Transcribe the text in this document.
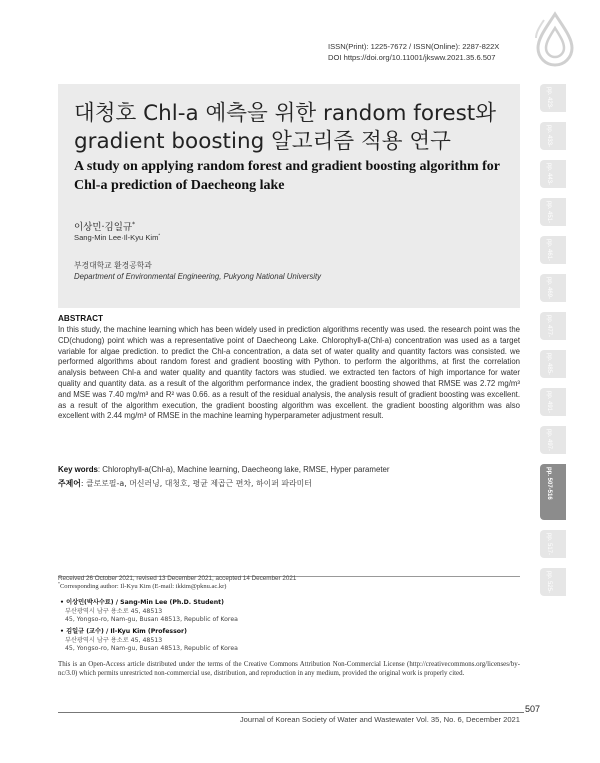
ISSN(Print): 1225-7672 / ISSN(Online): 2287-822X
DOI https://doi.org/10.11001/jksww.2021.35.6.507
대청호 Chl-a 예측을 위한 random forest와
gradient boosting 알고리즘 적용 연구
A study on applying random forest and gradient boosting algorithm for Chl-a prediction of Daecheong lake
이상민·김일규*
Sang-Min Lee·Il-Kyu Kim*
부경대학교 환경공학과
Department of Environmental Engineering, Pukyong National University
ABSTRACT
In this study, the machine learning which has been widely used in prediction algorithms recently was used. the research point was the CD(chudong) point which was a representative point of Daecheong Lake. Chlorophyll-a(Chl-a) concentration was used as a target variable for algae prediction. to predict the Chl-a concentration, a data set of water quality and quantity factors was consisted. we performed algorithms about random forest and gradient boosting with Python. to perform the algorithms, at first the correlation analysis between Chl-a and water quality and quantity factors was studied. we extracted ten factors of high importance for water quality and quantity data. as a result of the algorithm performance index, the gradient boosting showed that RMSE was 2.72 mg/m³ and MSE was 7.40 mg/m³ and R² was 0.66. as a result of the residual analysis, the analysis result of gradient boosting was excellent. as a result of the algorithm execution, the gradient boosting algorithm was excellent. the gradient boosting algorithm was also excellent with 2.44 mg/m³ of RMSE in the machine learning hyperparameter adjustment result.
Key words: Chlorophyll-a(Chl-a), Machine learning, Daecheong lake, RMSE, Hyper parameter
주제어: 클로로필-a, 머신러닝, 대청호, 평균 제곱근 편차, 하이퍼 파라미터
Received 26 October 2021, revised 13 December 2021, accepted 14 December 2021
*Corresponding author: Il-Kyu Kim (E-mail: ikkim@pknu.ac.kr)
• 이상민(박사수료) / Sang-Min Lee (Ph.D. Student)
부산광역시 남구 용소로 45, 48513
45, Yongso-ro, Nam-gu, Busan 48513, Republic of Korea
• 김일규 (교수) / Il-Kyu Kim (Professor)
부산광역시 남구 용소로 45, 48513
45, Yongso-ro, Nam-gu, Busan 48513, Republic of Korea
This is an Open-Access article distributed under the terms of the Creative Commons Attribution Non-Commercial License (http://creativecommons.org/licenses/by-nc/3.0) which permits unrestricted non-commercial use, distribution, and reproduction in any medium, provided the original work is properly cited.
507
Journal of Korean Society of Water and Wastewater Vol. 35, No. 6, December 2021
pp. 423-
pp. 433-
pp. 443-
pp. 451-
pp. 461-
pp. 469-
pp. 477-
pp. 485-
pp. 491-
pp. 497-
pp. 507-516
pp. 517-
pp. 525-
